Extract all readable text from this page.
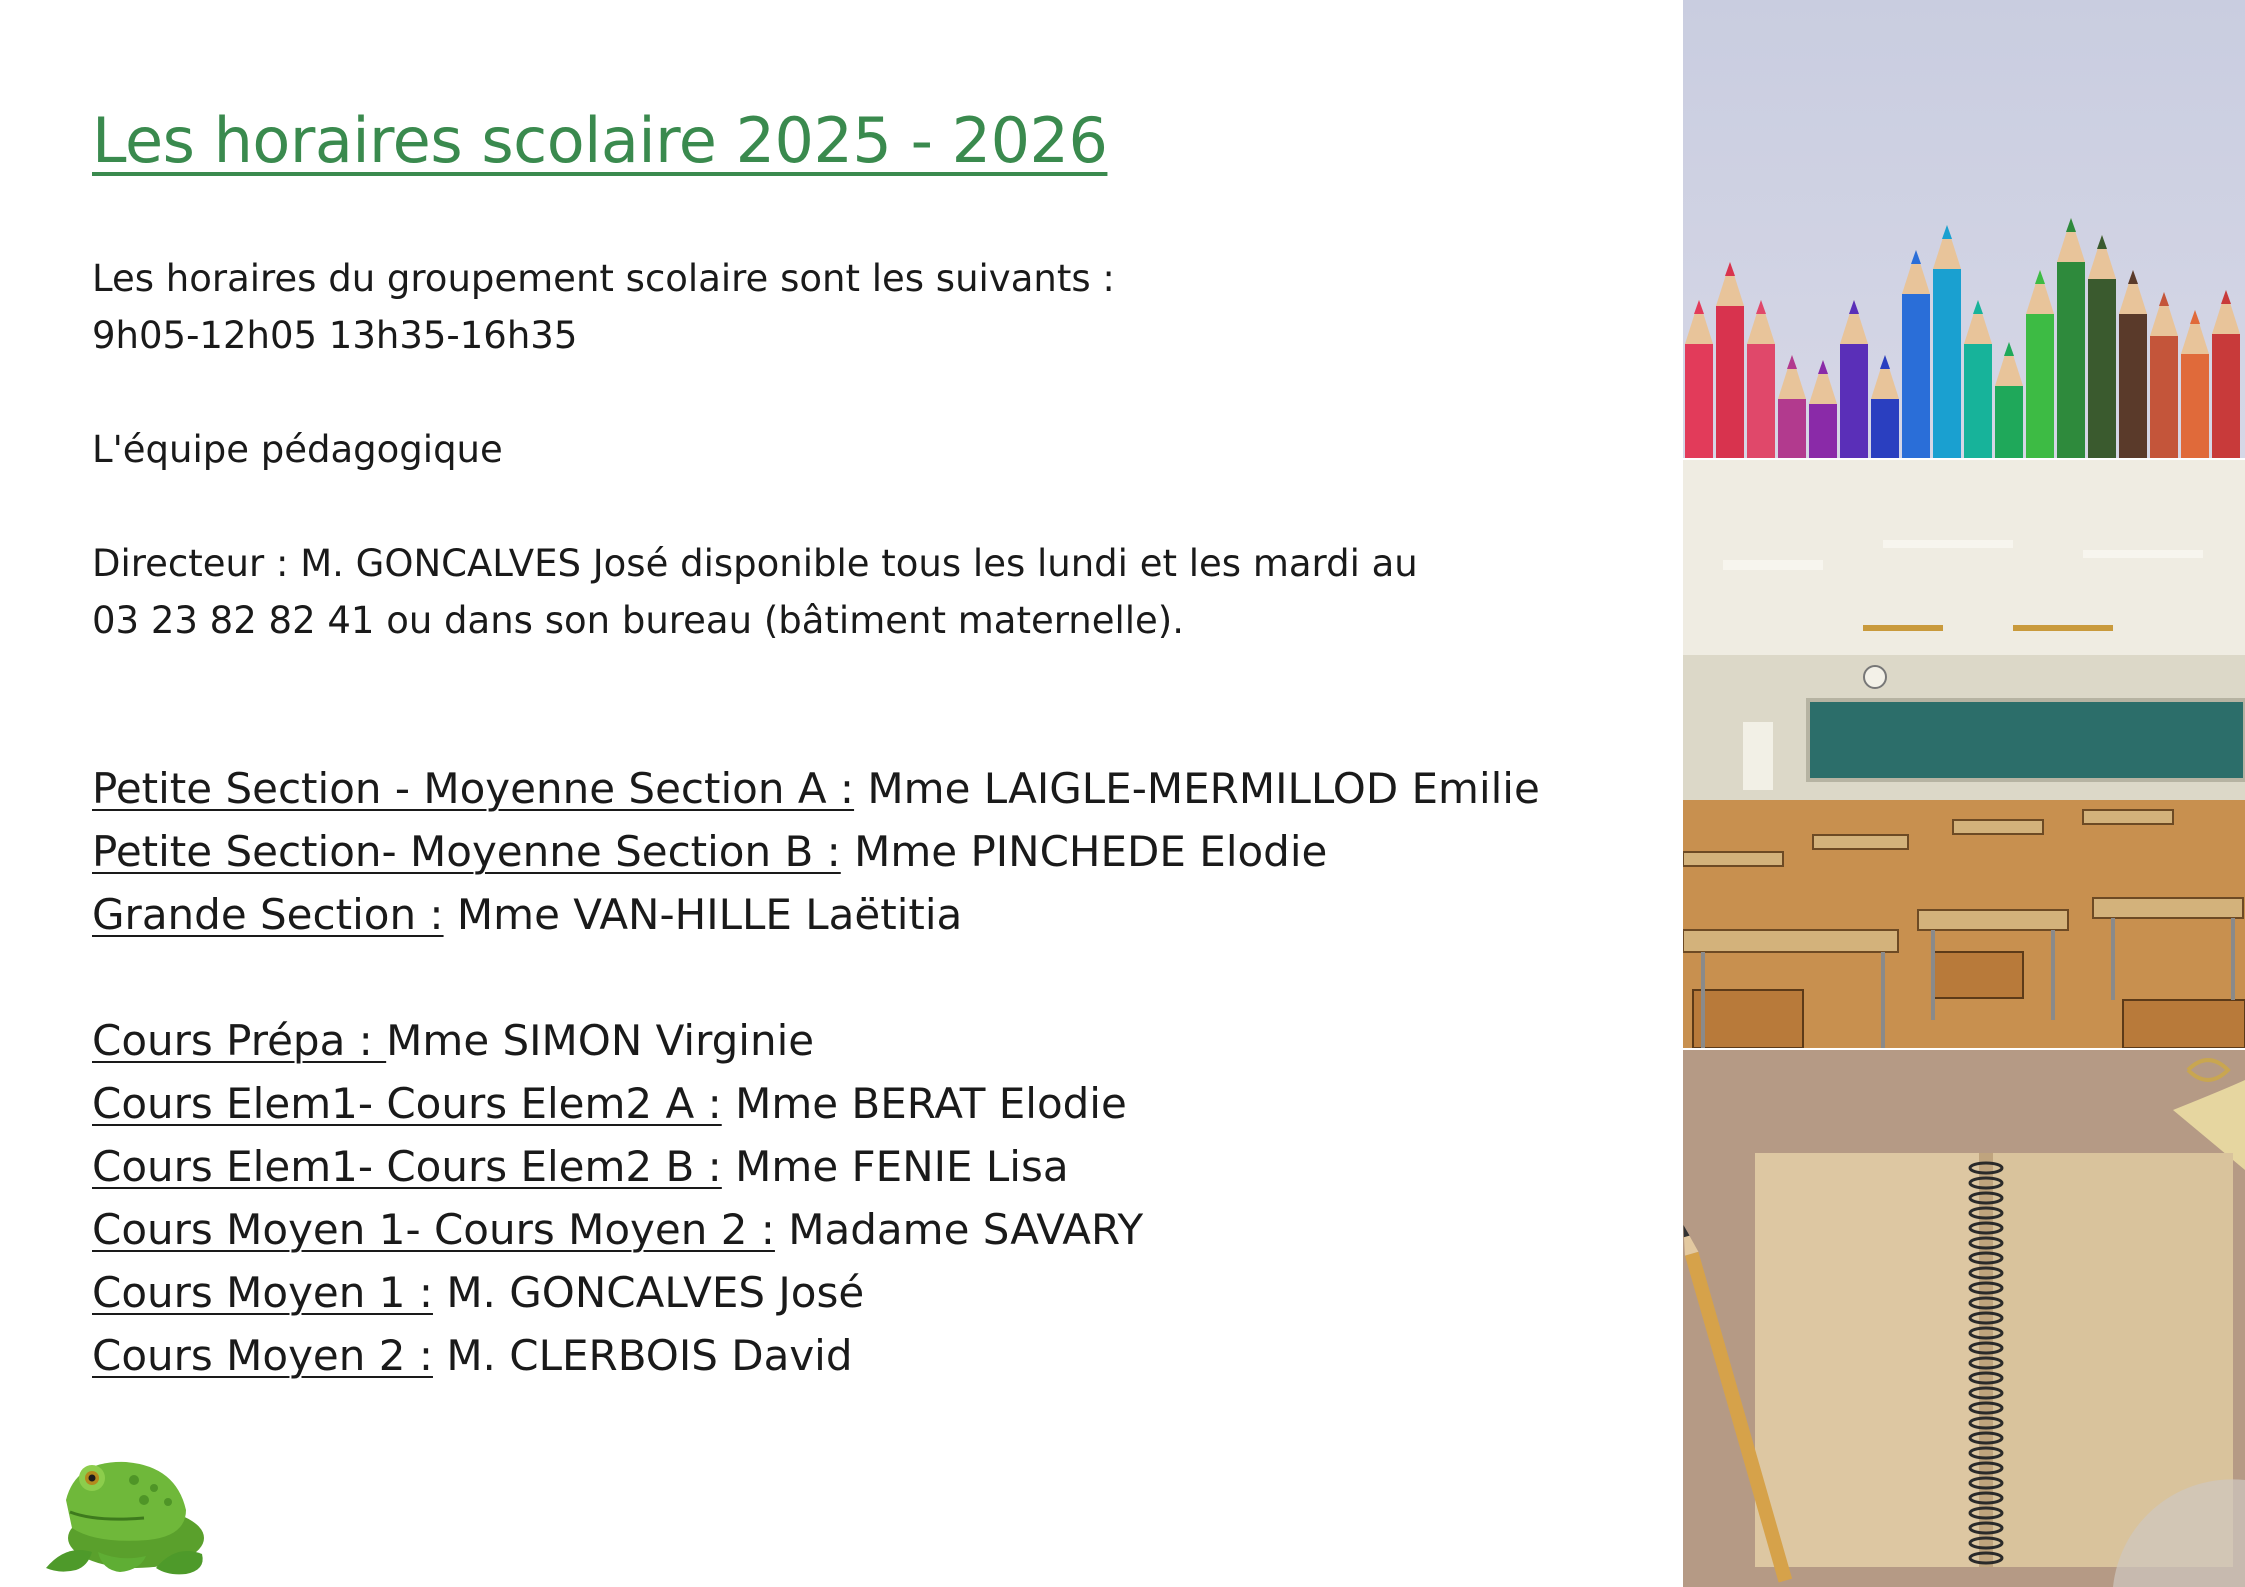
Les horaires scolaire 2025 - 2026

Les horaires du groupement scolaire sont les suivants :

9h05-12h05 13h35-16h35

L'équipe pédagogique

Directeur : M. GONCALVES José disponible tous les lundi et les mardi au

03 23 82 82 41 ou dans son bureau (bâtiment maternelle).

Petite Section - Moyenne Section A : Mme LAIGLE-MERMILLOD Emilie

Petite Section- Moyenne Section B : Mme PINCHEDE Elodie

Grande Section : Mme VAN-HILLE Laëtitia

Cours Prépa : Mme SIMON Virginie

Cours Elem1- Cours Elem2 A : Mme BERAT Elodie

Cours Elem1- Cours Elem2 B : Mme FENIE Lisa

Cours Moyen 1- Cours Moyen 2 : Madame SAVARY

Cours Moyen 1 : M. GONCALVES José

Cours Moyen 2 : M. CLERBOIS David
